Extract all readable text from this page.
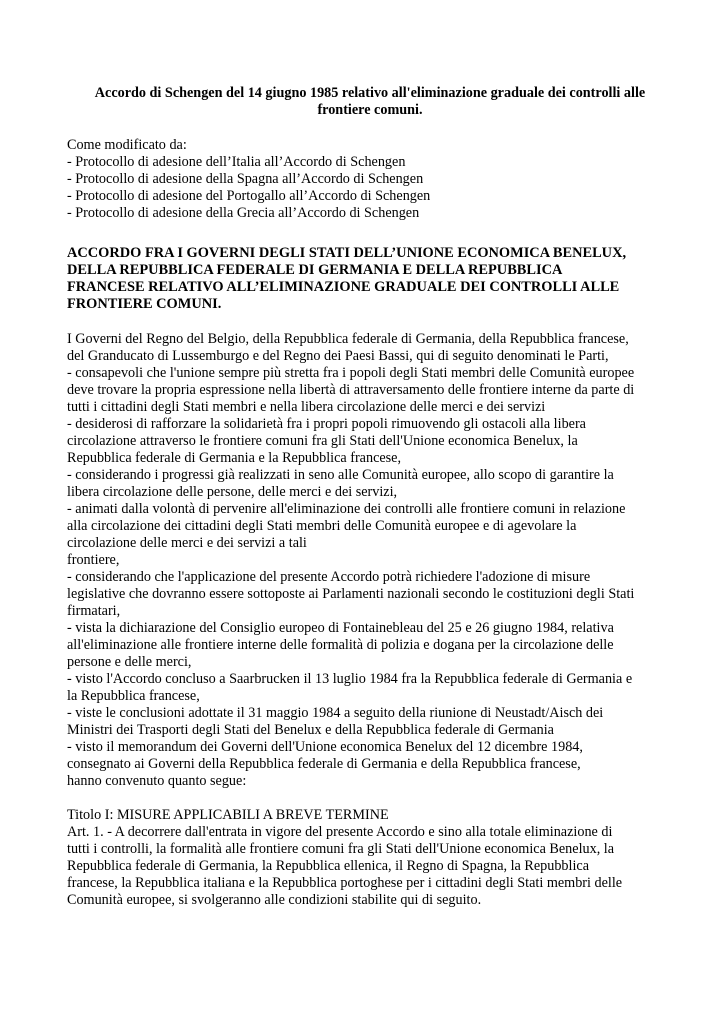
Accordo di Schengen del 14 giugno 1985 relativo all'eliminazione graduale dei controlli alle
frontiere comuni.
Come modificato da:
- Protocollo di adesione dell’Italia all’Accordo di Schengen
- Protocollo di adesione della Spagna all’Accordo di Schengen
- Protocollo di adesione del Portogallo all’Accordo di Schengen
- Protocollo di adesione della Grecia all’Accordo di Schengen
ACCORDO FRA I GOVERNI DEGLI STATI DELL’UNIONE ECONOMICA BENELUX,
DELLA REPUBBLICA FEDERALE DI GERMANIA E DELLA REPUBBLICA
FRANCESE RELATIVO ALL’ELIMINAZIONE GRADUALE DEI CONTROLLI ALLE
FRONTIERE COMUNI.
I Governi del Regno del Belgio, della Repubblica federale di Germania, della Repubblica francese,
del Granducato di Lussemburgo e del Regno dei Paesi Bassi, qui di seguito denominati le Parti,
- consapevoli che l'unione sempre più stretta fra i popoli degli Stati membri delle Comunità europee
deve trovare la propria espressione nella libertà di attraversamento delle frontiere interne da parte di
tutti i cittadini degli Stati membri e nella libera circolazione delle merci e dei servizi
- desiderosi di rafforzare la solidarietà fra i propri popoli rimuovendo gli ostacoli alla libera
circolazione attraverso le frontiere comuni fra gli Stati dell'Unione economica Benelux, la
Repubblica federale di Germania e la Repubblica francese,
- considerando i progressi già realizzati in seno alle Comunità europee, allo scopo di garantire la
libera circolazione delle persone, delle merci e dei servizi,
- animati dalla volontà di pervenire all'eliminazione dei controlli alle frontiere comuni in relazione
alla circolazione dei cittadini degli Stati membri delle Comunità europee e di agevolare la
circolazione delle merci e dei servizi a tali
frontiere,
- considerando che l'applicazione del presente Accordo potrà richiedere l'adozione di misure
legislative che dovranno essere sottoposte ai Parlamenti nazionali secondo le costituzioni degli Stati
firmatari,
- vista la dichiarazione del Consiglio europeo di Fontainebleau del 25 e 26 giugno 1984, relativa
all'eliminazione alle frontiere interne delle formalità di polizia e dogana per la circolazione delle
persone e delle merci,
- visto l'Accordo concluso a Saarbrucken il 13 luglio 1984 fra la Repubblica federale di Germania e
la Repubblica francese,
- viste le conclusioni adottate il 31 maggio 1984 a seguito della riunione di Neustadt/Aisch dei
Ministri dei Trasporti degli Stati del Benelux e della Repubblica federale di Germania
- visto il memorandum dei Governi dell'Unione economica Benelux del 12 dicembre 1984,
consegnato ai Governi della Repubblica federale di Germania e della Repubblica francese,
hanno convenuto quanto segue:
Titolo I: MISURE APPLICABILI A BREVE TERMINE
Art. 1. - A decorrere dall'entrata in vigore del presente Accordo e sino alla totale eliminazione di
tutti i controlli, la formalità alle frontiere comuni fra gli Stati dell'Unione economica Benelux, la
Repubblica federale di Germania, la Repubblica ellenica, il Regno di Spagna, la Repubblica
francese, la Repubblica italiana e la Repubblica portoghese per i cittadini degli Stati membri delle
Comunità europee, si svolgeranno alle condizioni stabilite qui di seguito.
